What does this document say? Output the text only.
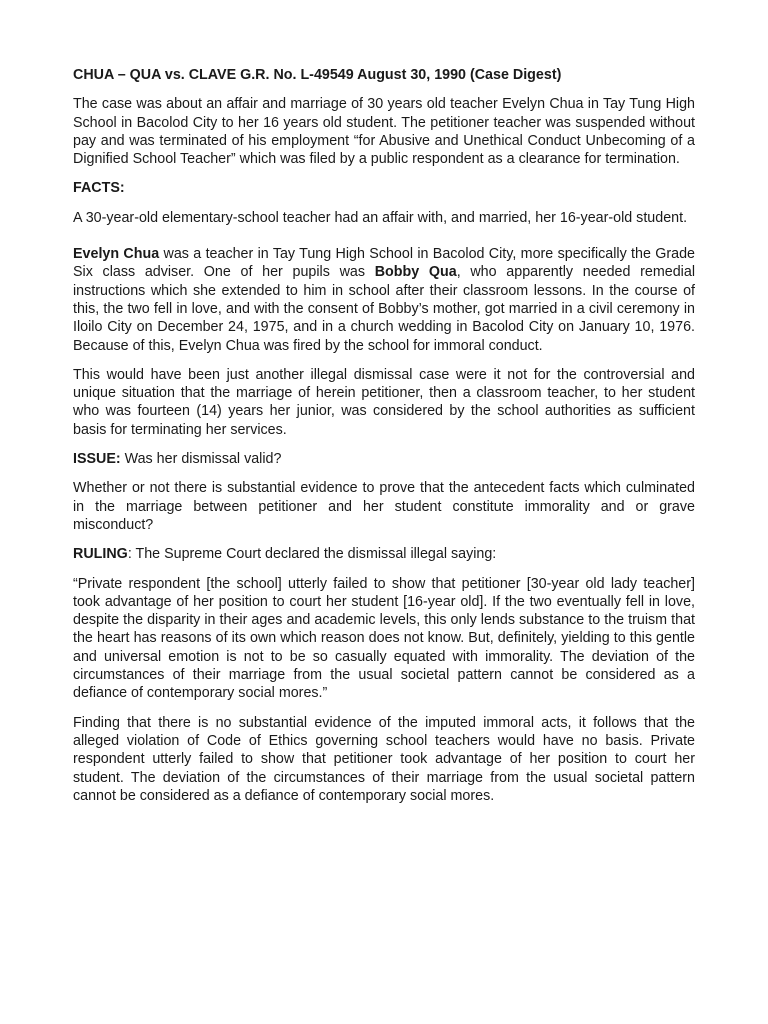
CHUA – QUA vs. CLAVE G.R. No. L-49549 August 30, 1990 (Case Digest)

The case was about an affair and marriage of 30 years old teacher Evelyn Chua in Tay Tung High School in Bacolod City to her 16 years old student. The petitioner teacher was suspended without pay and was terminated of his employment “for Abusive and Unethical Conduct Unbecoming of a Dignified School Teacher” which was filed by a public respondent as a clearance for termination.

FACTS:

A 30-year-old elementary-school teacher had an affair with, and married, her 16-year-old student.

Evelyn Chua was a teacher in Tay Tung High School in Bacolod City, more specifically the Grade Six class adviser. One of her pupils was Bobby Qua, who apparently needed remedial instructions which she extended to him in school after their classroom lessons. In the course of this, the two fell in love, and with the consent of Bobby’s mother, got married in a civil ceremony in Iloilo City on December 24, 1975, and in a church wedding in Bacolod City on January 10, 1976. Because of this, Evelyn Chua was fired by the school for immoral conduct.

This would have been just another illegal dismissal case were it not for the controversial and unique situation that the marriage of herein petitioner, then a classroom teacher, to her student who was fourteen (14) years her junior, was considered by the school authorities as sufficient basis for terminating her services.

ISSUE: Was her dismissal valid?

Whether or not there is substantial evidence to prove that the antecedent facts which culminated in the marriage between petitioner and her student constitute immorality and or grave misconduct?

RULING: The Supreme Court declared the dismissal illegal saying:

“Private respondent [the school] utterly failed to show that petitioner [30-year old lady teacher] took advantage of her position to court her student [16-year old]. If the two eventually fell in love, despite the disparity in their ages and academic levels, this only lends substance to the truism that the heart has reasons of its own which reason does not know. But, definitely, yielding to this gentle and universal emotion is not to be so casually equated with immorality. The deviation of the circumstances of their marriage from the usual societal pattern cannot be considered as a defiance of contemporary social mores.”

Finding that there is no substantial evidence of the imputed immoral acts, it follows that the alleged violation of Code of Ethics governing school teachers would have no basis. Private respondent utterly failed to show that petitioner took advantage of her position to court her student. The deviation of the circumstances of their marriage from the usual societal pattern cannot be considered as a defiance of contemporary social mores.
